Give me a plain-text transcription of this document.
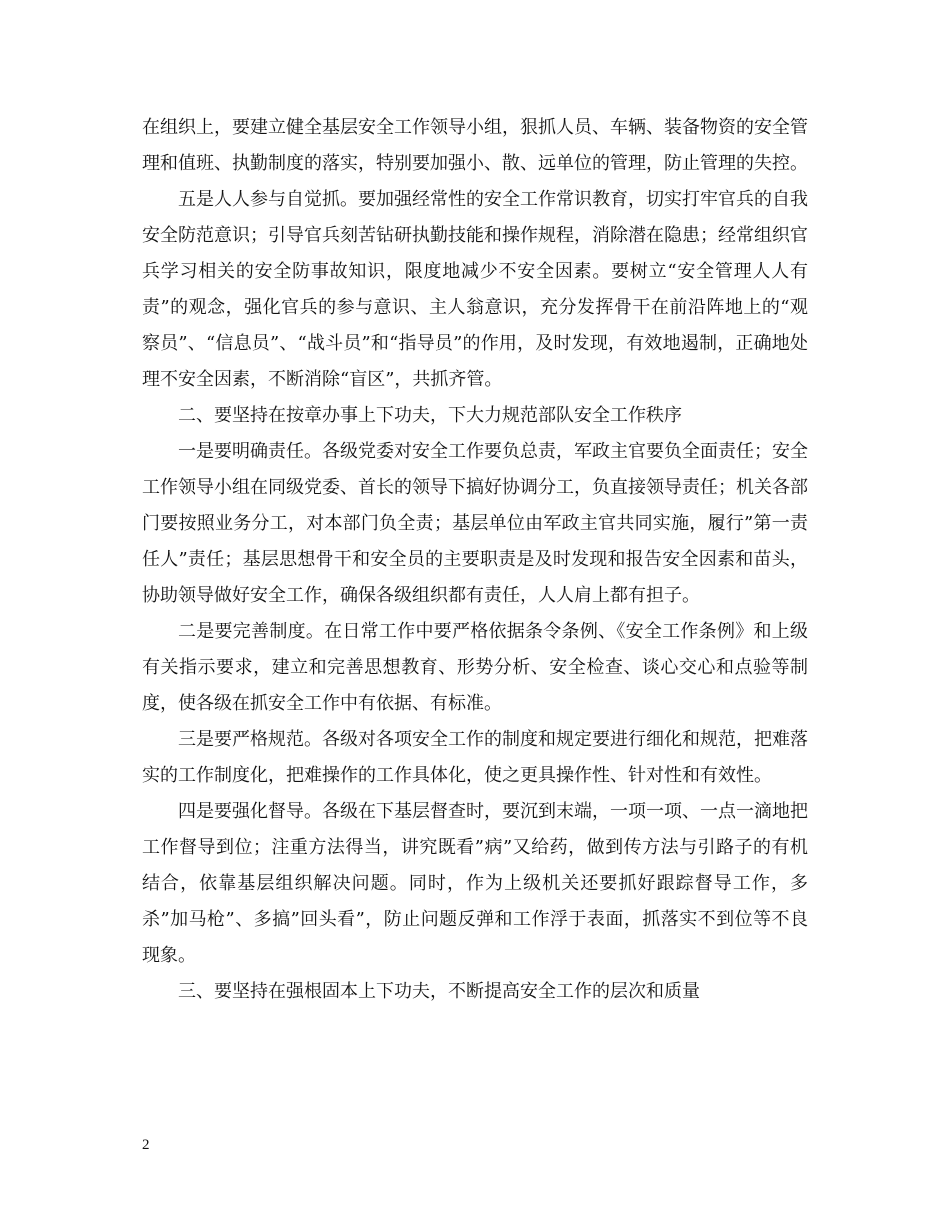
在组织上，要建立健全基层安全工作领导小组，狠抓人员、车辆、装备物资的安全管理和值班、执勤制度的落实，特别要加强小、散、远单位的管理，防止管理的失控。

五是人人参与自觉抓。要加强经常性的安全工作常识教育，切实打牢官兵的自我安全防范意识；引导官兵刻苦钻研执勤技能和操作规程，消除潜在隐患；经常组织官兵学习相关的安全防事故知识，限度地减少不安全因素。要树立“安全管理人人有责”的观念，强化官兵的参与意识、主人翁意识，充分发挥骨干在前沿阵地上的“观察员”、“信息员”、“战斗员”和“指导员”的作用，及时发现，有效地遏制，正确地处理不安全因素，不断消除“盲区”，共抓齐管。

二、要坚持在按章办事上下功夫，下大力规范部队安全工作秩序

一是要明确责任。各级党委对安全工作要负总责，军政主官要负全面责任；安全工作领导小组在同级党委、首长的领导下搞好协调分工，负直接领导责任；机关各部门要按照业务分工，对本部门负全责；基层单位由军政主官共同实施，履行”第一责任人”责任；基层思想骨干和安全员的主要职责是及时发现和报告安全因素和苗头，协助领导做好安全工作，确保各级组织都有责任，人人肩上都有担子。

二是要完善制度。在日常工作中要严格依据条令条例、《安全工作条例》和上级有关指示要求，建立和完善思想教育、形势分析、安全检查、谈心交心和点验等制度，使各级在抓安全工作中有依据、有标准。

三是要严格规范。各级对各项安全工作的制度和规定要进行细化和规范，把难落实的工作制度化，把难操作的工作具体化，使之更具操作性、针对性和有效性。

四是要强化督导。各级在下基层督查时，要沉到末端，一项一项、一点一滴地把工作督导到位；注重方法得当，讲究既看”病”又给药，做到传方法与引路子的有机结合，依靠基层组织解决问题。同时，作为上级机关还要抓好跟踪督导工作，多杀”加马枪”、多搞”回头看”，防止问题反弹和工作浮于表面，抓落实不到位等不良现象。

三、要坚持在强根固本上下功夫，不断提高安全工作的层次和质量

2
